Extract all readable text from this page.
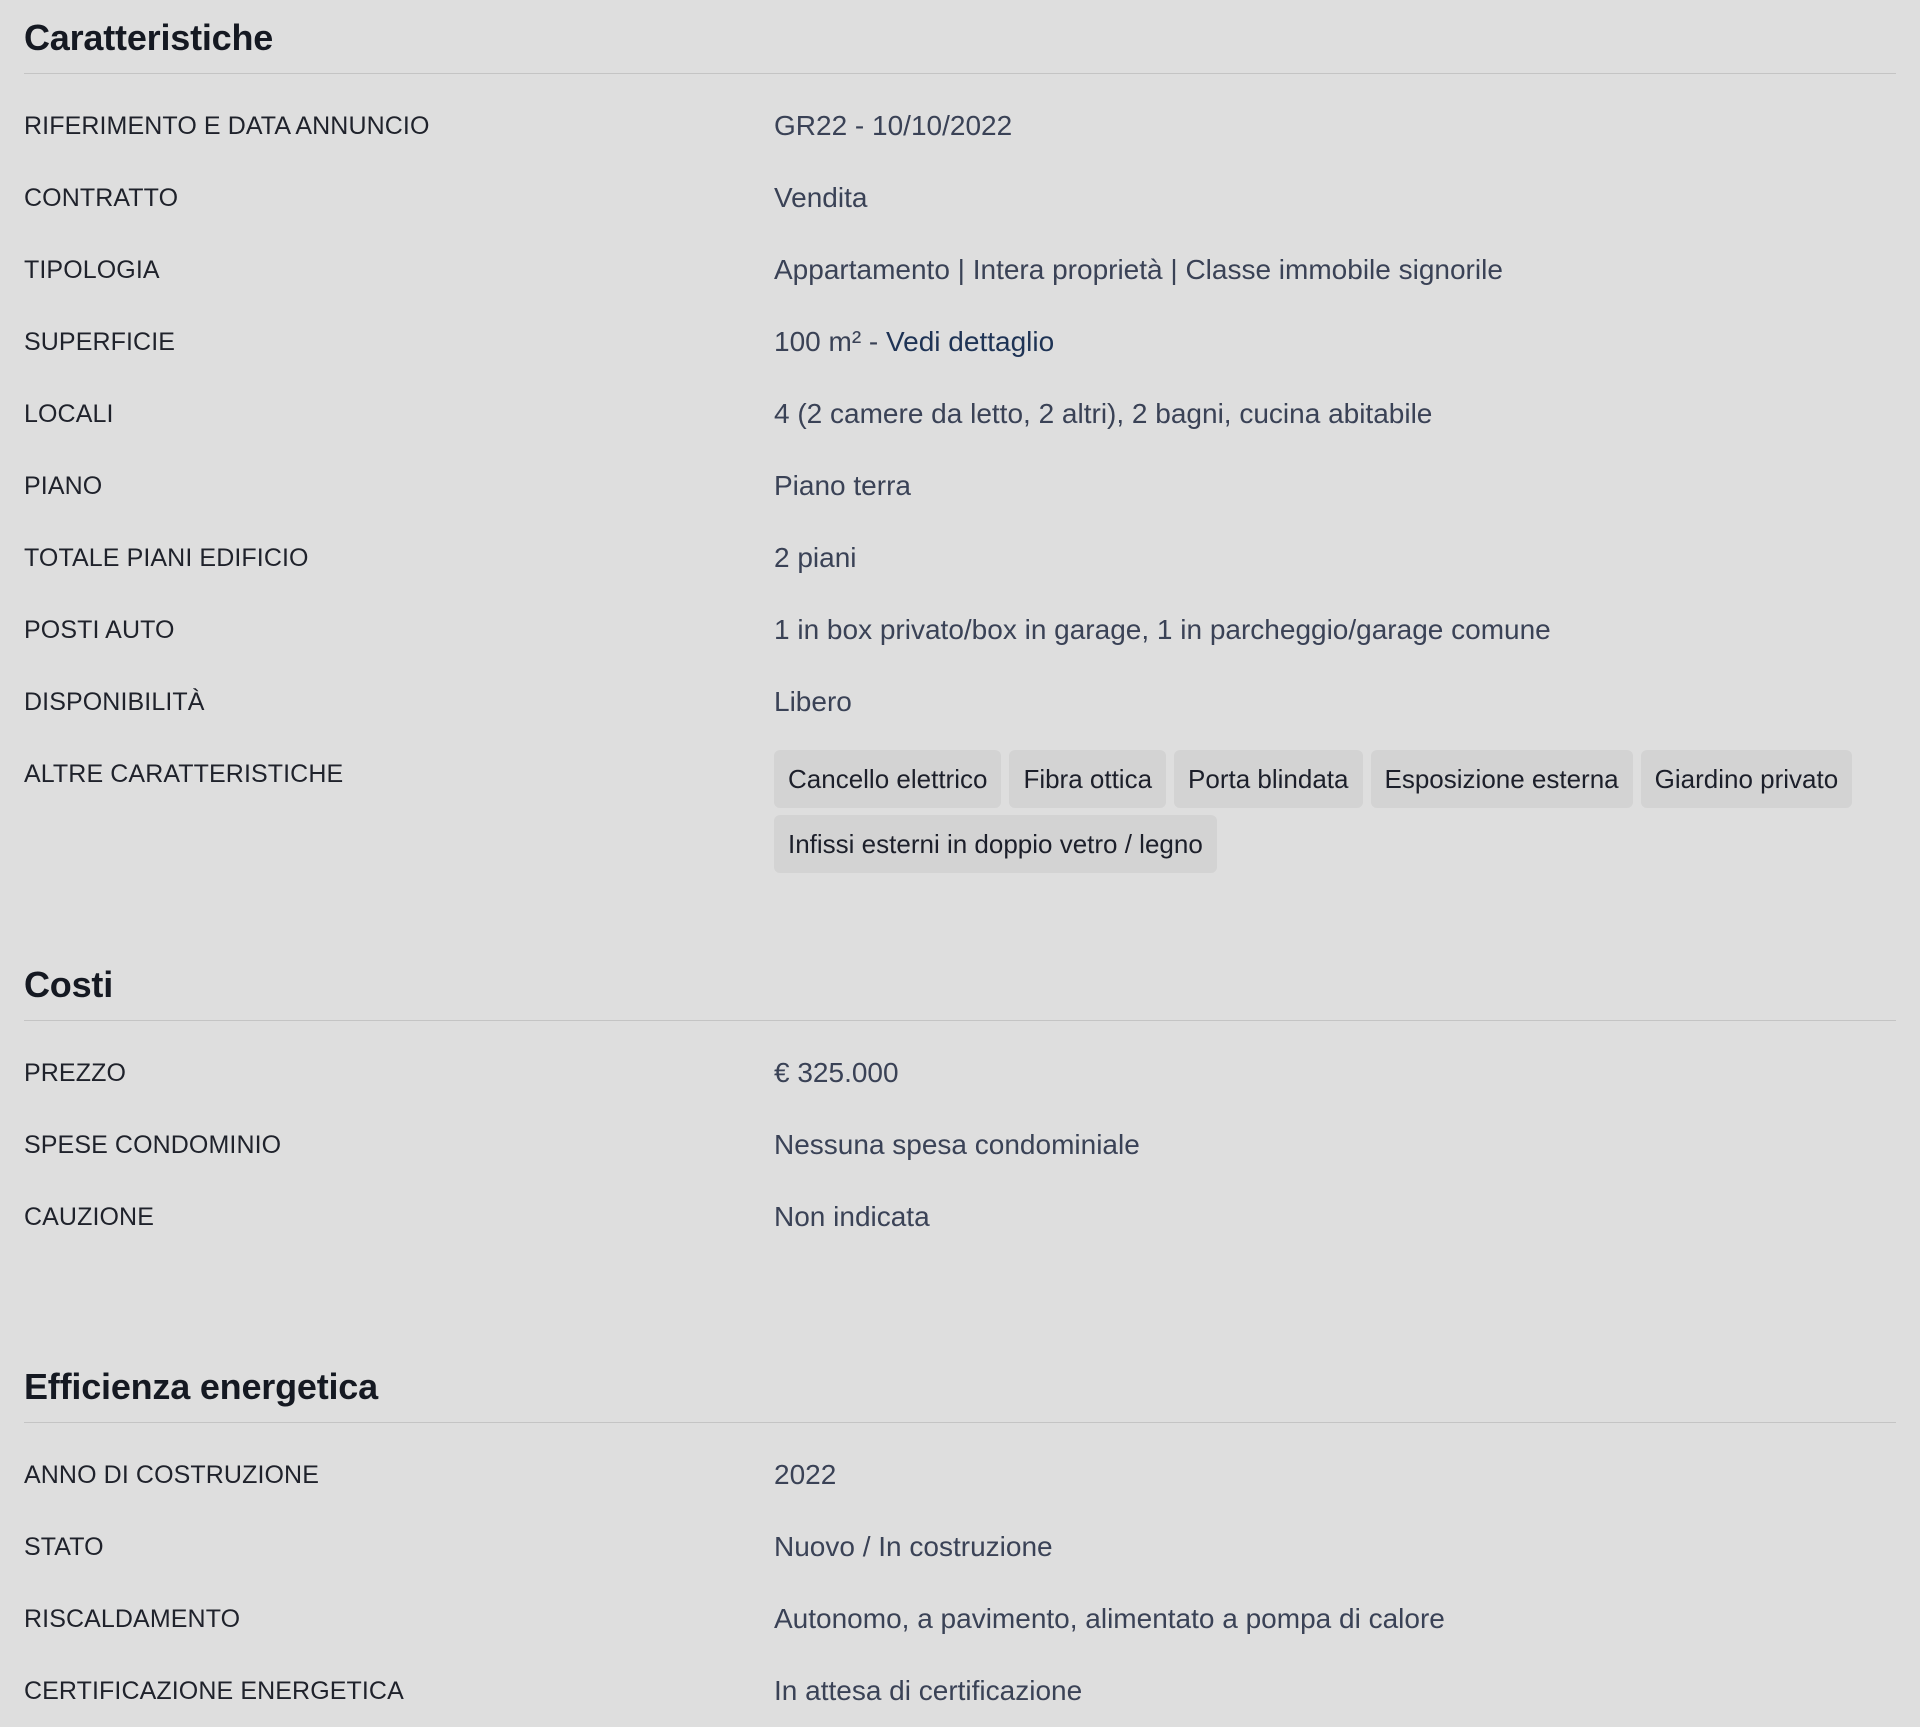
Caratteristiche
RIFERIMENTO E DATA ANNUNCIO	GR22 - 10/10/2022
CONTRATTO	Vendita
TIPOLOGIA	Appartamento | Intera proprietà | Classe immobile signorile
SUPERFICIE	100 m² - Vedi dettaglio
LOCALI	4 (2 camere da letto, 2 altri), 2 bagni, cucina abitabile
PIANO	Piano terra
TOTALE PIANI EDIFICIO	2 piani
POSTI AUTO	1 in box privato/box in garage, 1 in parcheggio/garage comune
DISPONIBILITÀ	Libero
ALTRE CARATTERISTICHE	Cancello elettrico	Fibra ottica	Porta blindata	Esposizione esterna	Giardino privato
Infissi esterni in doppio vetro / legno
Costi
PREZZO	€ 325.000
SPESE CONDOMINIO	Nessuna spesa condominiale
CAUZIONE	Non indicata
Efficienza energetica
ANNO DI COSTRUZIONE	2022
STATO	Nuovo / In costruzione
RISCALDAMENTO	Autonomo, a pavimento, alimentato a pompa di calore
CERTIFICAZIONE ENERGETICA	In attesa di certificazione
